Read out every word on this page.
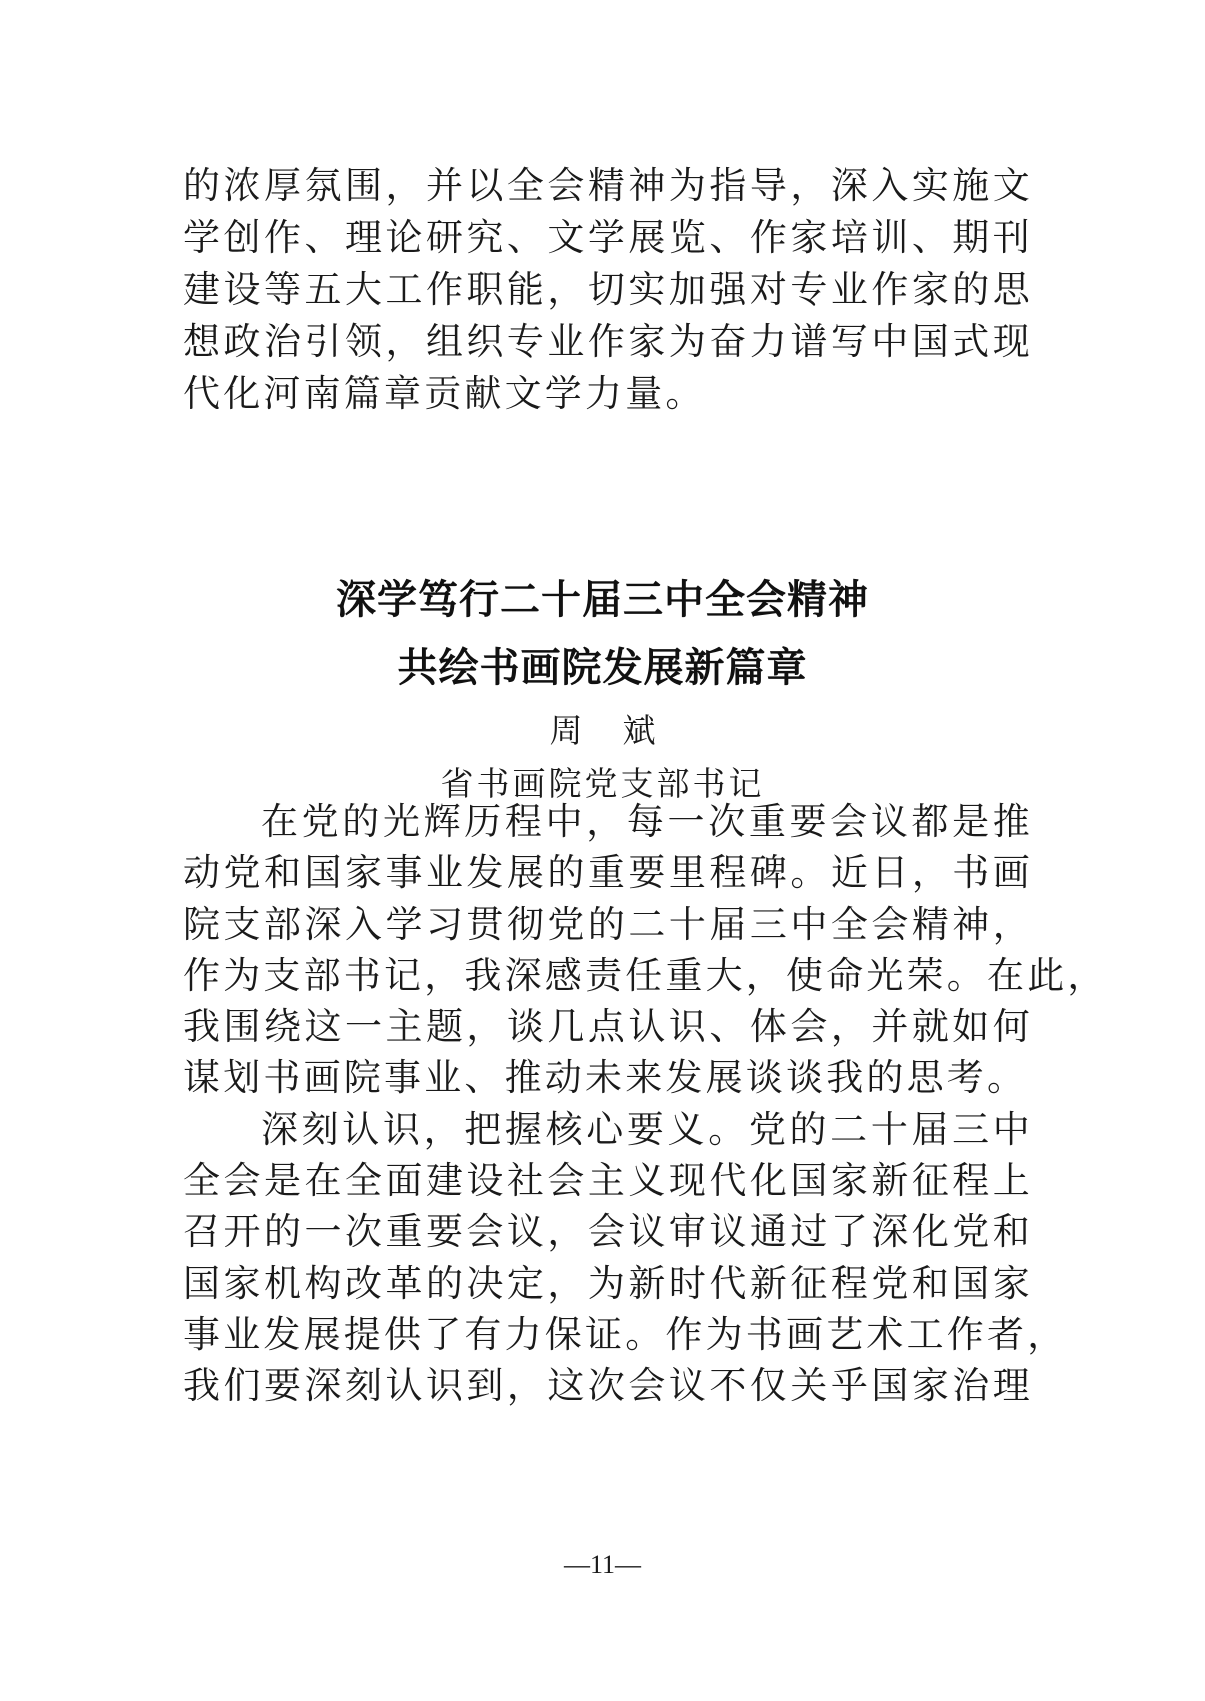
的浓厚氛围，并以全会精神为指导，深入实施文
学创作、理论研究、文学展览、作家培训、期刊
建设等五大工作职能，切实加强对专业作家的思
想政治引领，组织专业作家为奋力谱写中国式现
代化河南篇章贡献文学力量。
深学笃行二十届三中全会精神
共绘书画院发展新篇章
周斌
省书画院党支部书记
在党的光辉历程中，每一次重要会议都是推
动党和国家事业发展的重要里程碑。近日，书画
院支部深入学习贯彻党的二十届三中全会精神，
作为支部书记，我深感责任重大，使命光荣。在此，
我围绕这一主题，谈几点认识、体会，并就如何
谋划书画院事业、推动未来发展谈谈我的思考。
深刻认识，把握核心要义。党的二十届三中
全会是在全面建设社会主义现代化国家新征程上
召开的一次重要会议，会议审议通过了深化党和
国家机构改革的决定，为新时代新征程党和国家
事业发展提供了有力保证。作为书画艺术工作者，
我们要深刻认识到，这次会议不仅关乎国家治理
—11—
